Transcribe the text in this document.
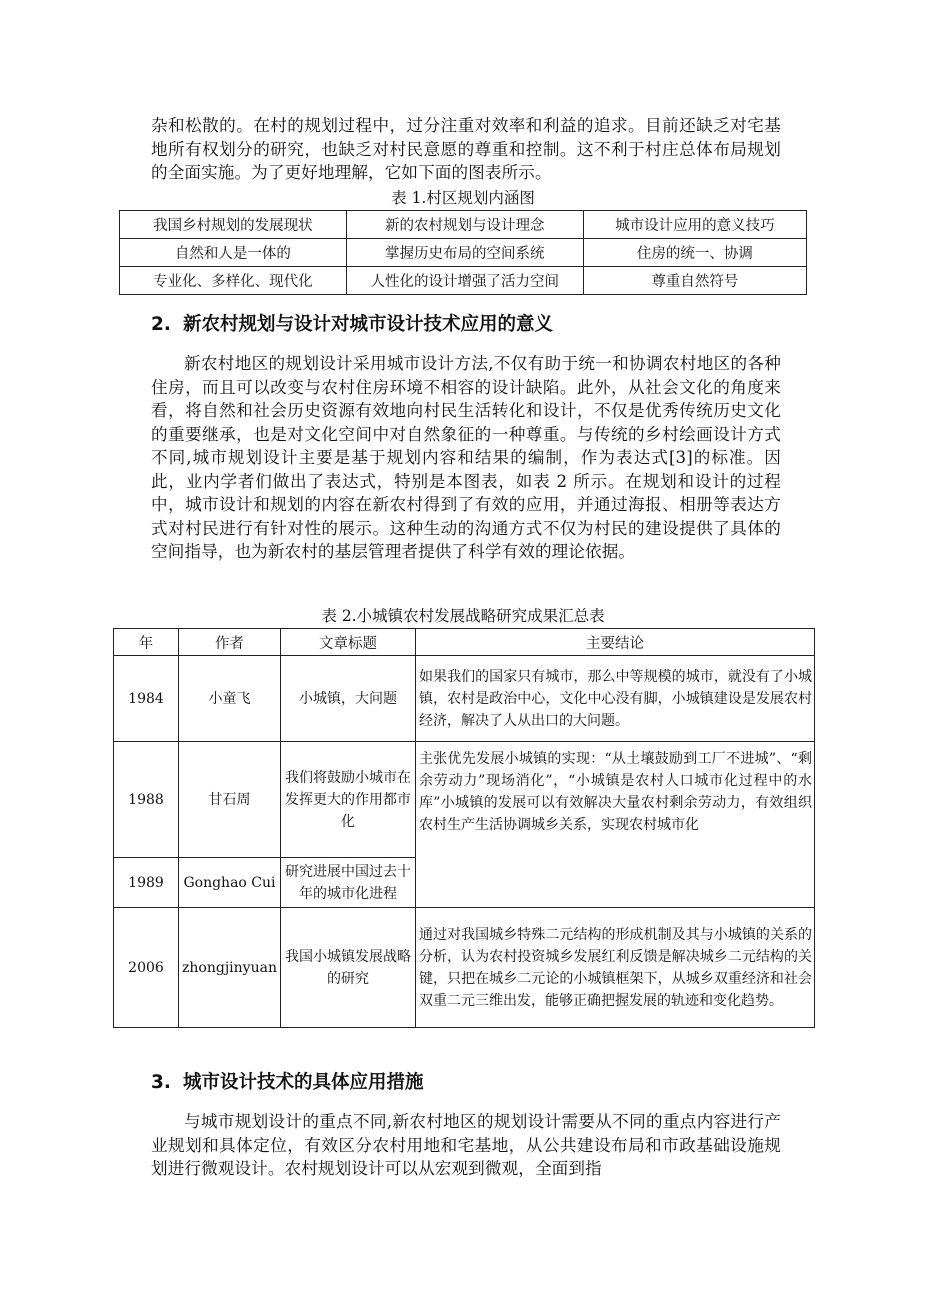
杂和松散的。在村的规划过程中，过分注重对效率和利益的追求。目前还缺乏对宅基地所有权划分的研究，也缺乏对村民意愿的尊重和控制。这不利于村庄总体布局规划的全面实施。为了更好地理解，它如下面的图表所示。

表 1.村区规划内涵图

我国乡村规划的发展现状	新的农村规划与设计理念	城市设计应用的意义技巧
自然和人是一体的	掌握历史布局的空间系统	住房的统一、协调
专业化、多样化、现代化	人性化的设计增强了活力空间	尊重自然符号
2. 新农村规划与设计对城市设计技术应用的意义

新农村地区的规划设计采用城市设计方法,不仅有助于统一和协调农村地区的各种住房，而且可以改变与农村住房环境不相容的设计缺陷。此外，从社会文化的角度来看，将自然和社会历史资源有效地向村民生活转化和设计，不仅是优秀传统历史文化的重要继承，也是对文化空间中对自然象征的一种尊重。与传统的乡村绘画设计方式不同,城市规划设计主要是基于规划内容和结果的编制，作为表达式[3]的标准。因此，业内学者们做出了表达式，特别是本图表，如表 2 所示。在规划和设计的过程中，城市设计和规划的内容在新农村得到了有效的应用，并通过海报、相册等表达方式对村民进行有针对性的展示。这种生动的沟通方式不仅为村民的建设提供了具体的空间指导，也为新农村的基层管理者提供了科学有效的理论依据。

表 2.小城镇农村发展战略研究成果汇总表

年	作者	文章标题	主要结论
1984	小童飞	小城镇，大问题	如果我们的国家只有城市，那么中等规模的城市，就没有了小城镇，农村是政治中心，文化中心没有脚，小城镇建设是发展农村经济，解决了人从出口的大问题。
1988	甘石周	我们将鼓励小城市在发挥更大的作用都市化	主张优先发展小城镇的实现：“从土壤鼓励到工厂不进城”、“剩余劳动力”现场消化”，“小城镇是农村人口城市化过程中的水库”小城镇的发展可以有效解决大量农村剩余劳动力，有效组织农村生产生活协调城乡关系，实现农村城市化
1989	Gonghao Cui	研究进展中国过去十年的城市化进程	
2006	zhongjinyuan	我国小城镇发展战略的研究	通过对我国城乡特殊二元结构的形成机制及其与小城镇的关系的分析，认为农村投资城乡发展红利反馈是解决城乡二元结构的关键，只把在城乡二元论的小城镇框架下，从城乡双重经济和社会双重二元三维出发，能够正确把握发展的轨迹和变化趋势。
3. 城市设计技术的具体应用措施

与城市规划设计的重点不同,新农村地区的规划设计需要从不同的重点内容进行产业规划和具体定位，有效区分农村用地和宅基地，从公共建设布局和市政基础设施规划进行微观设计。农村规划设计可以从宏观到微观，全面到指
